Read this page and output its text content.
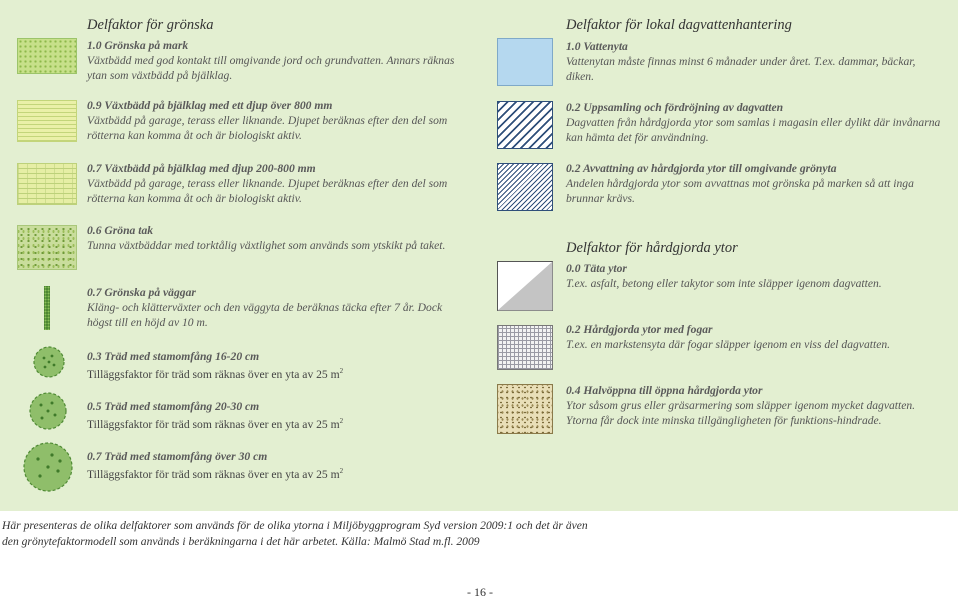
Delfaktor för grönska
1.0 Grönska på mark
Växtbädd med god kontakt till omgivande jord och grundvatten. Annars räknas ytan som växtbädd på bjälklag.
0.9 Växtbädd på bjälklag med ett djup över 800 mm
Växtbädd på garage, terass eller liknande. Djupet beräknas efter den del som rötterna kan komma åt och är biologiskt aktiv.
0.7 Växtbädd på bjälklag med djup 200-800 mm
Växtbädd på garage, terass eller liknande. Djupet beräknas efter den del som rötterna kan komma åt och är biologiskt aktiv.
0.6 Gröna tak
Tunna växtbäddar med torktålig växtlighet som används som ytskikt på taket.
0.7 Grönska på väggar
Kläng- och klätterväxter och den väggyta de beräknas täcka efter 7 år. Dock högst till en höjd av 10 m.
0.3 Träd med stamomfång 16-20 cm
Tilläggsfaktor för träd som räknas över en yta av 25 $m^2$
0.5 Träd med stamomfång 20-30 cm
Tilläggsfaktor för träd som räknas över en yta av 25 $m^2$
0.7 Träd med stamomfång över 30 cm
Tilläggsfaktor för träd som räknas över en yta av 25 $m^2$
Delfaktor för lokal dagvattenhantering
1.0 Vattenyta
Vattenytan måste finnas minst 6 månader under året. T.ex. dammar, bäckar, diken.
0.2 Uppsamling och fördröjning av dagvatten
Dagvatten från hårdgjorda ytor som samlas i magasin eller dylikt där invånarna kan hämta det för användning.
0.2 Avvattning av hårdgjorda ytor till omgivande grönyta
Andelen hårdgjorda ytor som avvattnas mot grönska på marken så att inga brunnar krävs.
Delfaktor för hårdgjorda ytor
0.0 Täta ytor
T.ex. asfalt, betong eller takytor som inte släpper igenom dagvatten.
0.2 Hårdgjorda ytor med fogar
T.ex. en markstensyta där fogar släpper igenom en viss del dagvatten.
0.4 Halvöppna till öppna hårdgjorda ytor
Ytor såsom grus eller gräsarmering som släpper igenom mycket dagvatten. Ytorna får dock inte minska tillgängligheten för funktions-hindrade.
Här presenteras de olika delfaktorer som används för de olika ytorna i Miljöbyggprogram Syd version 2009:1 och det är även den grönytefaktormodell som används i beräkningarna i det här arbetet. Källa: Malmö Stad m.fl. 2009
- 16 -
